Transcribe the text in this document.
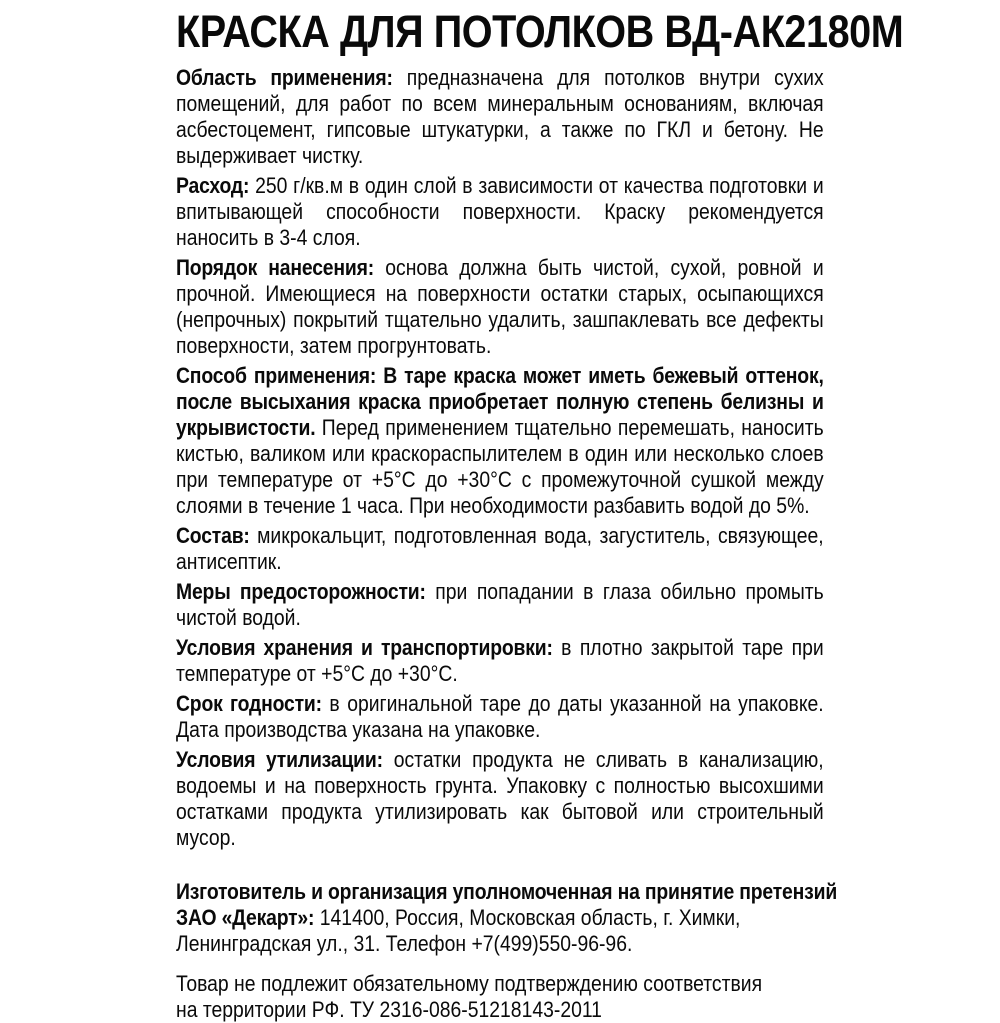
КРАСКА ДЛЯ ПОТОЛКОВ ВД-АК2180М

Область применения: предназначена для потолков внутри сухих помещений, для работ по всем минеральным основаниям, включая асбестоцемент, гипсовые штукатурки, а также по ГКЛ и бетону. Не выдерживает чистку.

Расход: 250 г/кв.м в один слой в зависимости от качества подготовки и впитывающей способности поверхности. Краску рекомендуется наносить в 3-4 слоя.

Порядок нанесения: основа должна быть чистой, сухой, ровной и прочной. Имеющиеся на поверхности остатки старых, осыпающихся (непрочных) покрытий тщательно удалить, зашпаклевать все дефекты поверхности, затем прогрунтовать.

Способ применения: В таре краска может иметь бежевый оттенок, после высыхания краска приобретает полную степень белизны и укрывистости. Перед применением тщательно перемешать, наносить кистью, валиком или краскораспылителем в один или несколько слоев при температуре от +5°С до +30°С с промежуточной сушкой между слоями в течение 1 часа. При необходимости разбавить водой до 5%.

Состав: микрокальцит, подготовленная вода, загуститель, связующее, антисептик.

Меры предосторожности: при попадании в глаза обильно промыть чистой водой.

Условия хранения и транспортировки: в плотно закрытой таре при температуре от +5°С до +30°С.

Срок годности: в оригинальной таре до даты указанной на упаковке. Дата производства указана на упаковке.

Условия утилизации: остатки продукта не сливать в канализацию, водоемы и на поверхность грунта. Упаковку с полностью высохшими остатками продукта утилизировать как бытовой или строительный мусор.

Изготовитель и организация уполномоченная на принятие претензий
ЗАО «Декарт»: 141400, Россия, Московская область, г. Химки,
Ленинградская ул., 31. Телефон +7(499)550-96-96.

Товар не подлежит обязательному подтверждению соответствия
на территории РФ. ТУ 2316-086-51218143-2011
